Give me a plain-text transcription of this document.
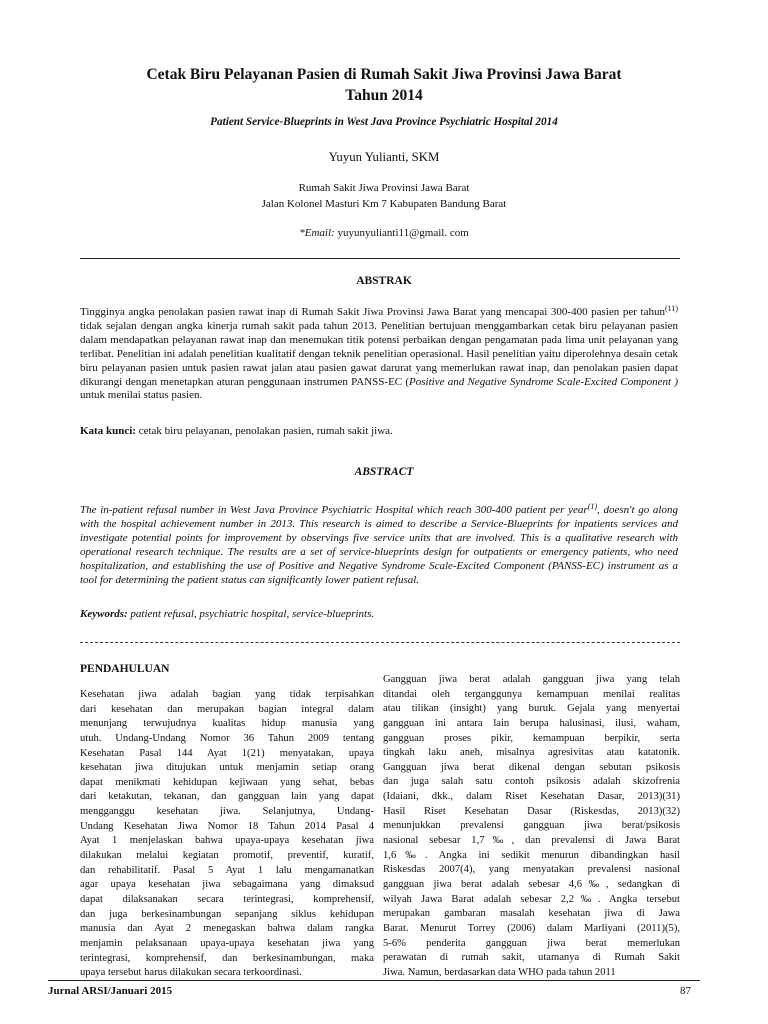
Cetak Biru Pelayanan Pasien di Rumah Sakit Jiwa Provinsi Jawa Barat
Tahun 2014
Patient Service-Blueprints in West Java Province Psychiatric Hospital 2014
Yuyun Yulianti, SKM
Rumah Sakit Jiwa Provinsi Jawa Barat
Jalan Kolonel Masturi Km 7 Kabupaten Bandung Barat
*Email: yuyunyulianti11@gmail. com
ABSTRAK

Tingginya angka penolakan pasien rawat inap di Rumah Sakit Jiwa Provinsi Jawa Barat yang mencapai 300-400 pasien per tahun$^{(11)}$ tidak sejalan dengan angka kinerja rumah sakit pada tahun 2013. Penelitian bertujuan menggambarkan cetak biru pelayanan pasien dalam mendapatkan pelayanan rawat inap dan menemukan titik potensi perbaikan dengan pengamatan pada lima unit pelayanan yang terlibat. Penelitian ini adalah penelitian kualitatif dengan teknik penelitian operasional. Hasil penelitian yaitu diperolehnya desain cetak biru pelayanan pasien untuk pasien rawat jalan atau pasien gawat darurat yang memerlukan rawat inap, dan penolakan pasien dapat dikurangi dengan menetapkan aturan penggunaan instrumen PANSS-EC (Positive and Negative Syndrome Scale-Excited Component ) untuk menilai status pasien.

Kata kunci: cetak biru pelayanan, penolakan pasien, rumah sakit jiwa.
ABSTRACT

The in-patient refusal number in West Java Province Psychiatric Hospital which reach 300-400 patient per year$^{(1)}$, doesn't go along with the hospital achievement number in 2013. This research is aimed to describe a Service-Blueprints for inpatients services and investigate potential points for improvement by observings five service units that are involved. This is a qualitative research with operational research technique. The results are a set of service-blueprints design for outpatients or emergency patients, who need hospitalization, and establishing the use of Positive and Negative Syndrome Scale-Excited Component (PANSS-EC) instrument as a tool for determining the patient status can significantly lower patient refusal.

Keywords: patient refusal, psychiatric hospital, service-blueprints.
PENDAHULUAN
Kesehatan jiwa adalah bagian yang tidak terpisahkan
dari kesehatan dan merupakan bagian integral dalam
menunjang terwujudnya kualitas hidup manusia yang
utuh. Undang-Undang Nomor 36 Tahun 2009 tentang
Kesehatan Pasal 144 Ayat 1(21) menyatakan, upaya
kesehatan jiwa ditujukan untuk menjamin setiap orang
dapat menikmati kehidupan kejiwaan yang sehat, bebas
dari ketakutan, tekanan, dan gangguan lain yang dapat
mengganggu kesehatan jiwa. Selanjutnya, Undang-
Undang Kesehatan Jiwa Nomor 18 Tahun 2014 Pasal 4
Ayat 1 menjelaskan bahwa upaya-upaya kesehatan jiwa
dilakukan melalui kegiatan promotif, preventif, kuratif,
dan rehabilitatif. Pasal 5 Ayat 1 lalu mengamanatkan
agar upaya kesehatan jiwa sebagaimana yang dimaksud
dapat dilaksanakan secara terintegrasi, komprehensif,
dan juga berkesinambungan sepanjang siklus kehidupan
manusia dan Ayat 2 menegaskan bahwa dalam rangka
menjamin pelaksanaan upaya-upaya kesehatan jiwa yang
terintegrasi, komprehensif, dan berkesinambungan, maka
upaya tersebut harus dilakukan secara terkoordinasi.
Gangguan jiwa berat adalah gangguan jiwa yang telah
ditandai oleh terganggunya kemampuan menilai realitas
atau tilikan (insight) yang buruk. Gejala yang menyertai
gangguan ini antara lain berupa halusinasi, ilusi, waham,
gangguan proses pikir, kemampuan berpikir, serta
tingkah laku aneh, misalnya agresivitas atau katatonik.
Gangguan jiwa berat dikenal dengan sebutan psikosis
dan juga salah satu contoh psikosis adalah skizofrenia
(Idaiani, dkk., dalam Riset Kesehatan Dasar, 2013)(31)
Hasil Riset Kesehatan Dasar (Riskesdas, 2013)(32)
menunjukkan prevalensi gangguan jiwa berat/psikosis
nasional sebesar 1,7‰, dan prevalensi di Jawa Barat
1,6‰. Angka ini sedikit menurun dibandingkan hasil
Riskesdas 2007(4), yang menyatakan prevalensi nasional
gangguan jiwa berat adalah sebesar 4,6‰, sedangkan di
wilyah Jawa Barat adalah sebesar 2,2‰. Angka tersebut
merupakan gambaran masalah kesehatan jiwa di Jawa
Barat. Menurut Torrey (2006) dalam Marliyani (2011)(5),
5-6% penderita gangguan jiwa berat memerlukan
perawatan di rumah sakit, utamanya di Rumah Sakit
Jiwa. Namun, berdasarkan data WHO pada tahun 2011
Jurnal ARSI/Januari 2015	87
